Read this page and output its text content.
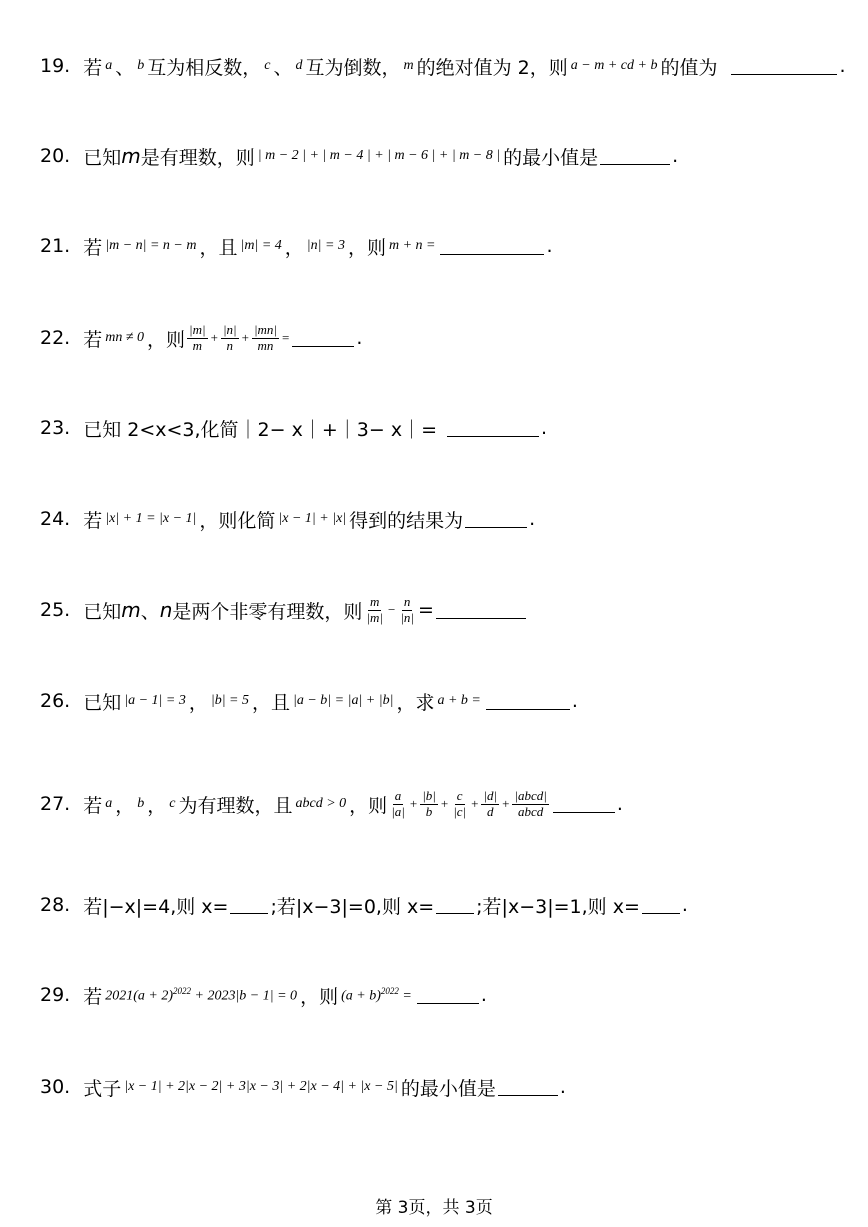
19. 若 a 、 b 互为相反数， c 、 d 互为倒数， m 的绝对值为 2，则 a − m + cd + b 的值为	.
20. 已知 m 是有理数，则 | m − 2 | + | m − 4 | + | m − 6 | + | m − 8 | 的最小值是	.
21. 若 |m − n| = n − m ，且 |m| = 4 ， |n| = 3 ，则 m + n =	.
22. 若 mn ≠ 0 ，则 $\frac{|m|}{m} + \frac{|n|}{n} + \frac{|mn|}{mn}$ =	.
23. 已知 2<x<3,化简｜2− x｜+｜3− x｜=	.
24. 若 |x| + 1 = |x − 1| ，则化简 |x − 1| + |x| 得到的结果为	.
25. 已知 m 、 n 是两个非零有理数，则 $\frac{m}{|m|} - \frac{n}{|n|}$ =
26. 已知 |a − 1| = 3 ， |b| = 5 ，且 |a − b| = |a| + |b| ，求 a + b =	.
27. 若 a ， b ， c 为有理数，且 abcd > 0 ，则 $\frac{a}{|a|} + \frac{|b|}{b} + \frac{c}{|c|} + \frac{|d|}{d} + \frac{\text{|abcd|}}{\text{abcd}}$	.
28. 若|−x|=4,则 x= ;若|x−3|=0,则 x= ;若|x−3|=1,则 x= .
29. 若 $2021(a + 2)^{2022} + 2023|b - 1| = 0$ ，则 $(a + b)^{2022}$ =	.
30. 式子 |x − 1| + 2|x − 2| + 3|x − 3| + 2|x − 4| + |x − 5| 的最小值是	.
第 3页，共 3页
